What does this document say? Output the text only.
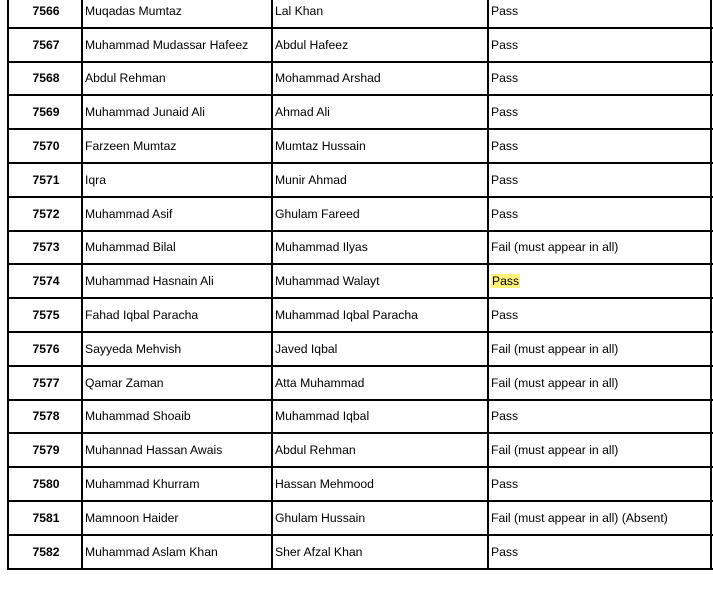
7566	Muqadas Mumtaz	Lal Khan	Pass	
7567	Muhammad Mudassar Hafeez	Abdul Hafeez	Pass	
7568	Abdul Rehman	Mohammad Arshad	Pass	
7569	Muhammad Junaid Ali	Ahmad Ali	Pass	
7570	Farzeen Mumtaz	Mumtaz Hussain	Pass	
7571	Iqra	Munir Ahmad	Pass	
7572	Muhammad Asif	Ghulam Fareed	Pass	
7573	Muhammad Bilal	Muhammad Ilyas	Fail (must appear in all)	
7574	Muhammad Hasnain Ali	Muhammad Walayt	Pass	
7575	Fahad Iqbal Paracha	Muhammad Iqbal Paracha	Pass	
7576	Sayyeda Mehvish	Javed Iqbal	Fail (must appear in all)	
7577	Qamar Zaman	Atta Muhammad	Fail (must appear in all)	
7578	Muhammad Shoaib	Muhammad Iqbal	Pass	
7579	Muhannad Hassan Awais	Abdul Rehman	Fail (must appear in all)	
7580	Muhammad Khurram	Hassan Mehmood	Pass	
7581	Mamnoon Haider	Ghulam Hussain	Fail (must appear in all) (Absent)	
7582	Muhammad Aslam Khan	Sher Afzal Khan	Pass	
